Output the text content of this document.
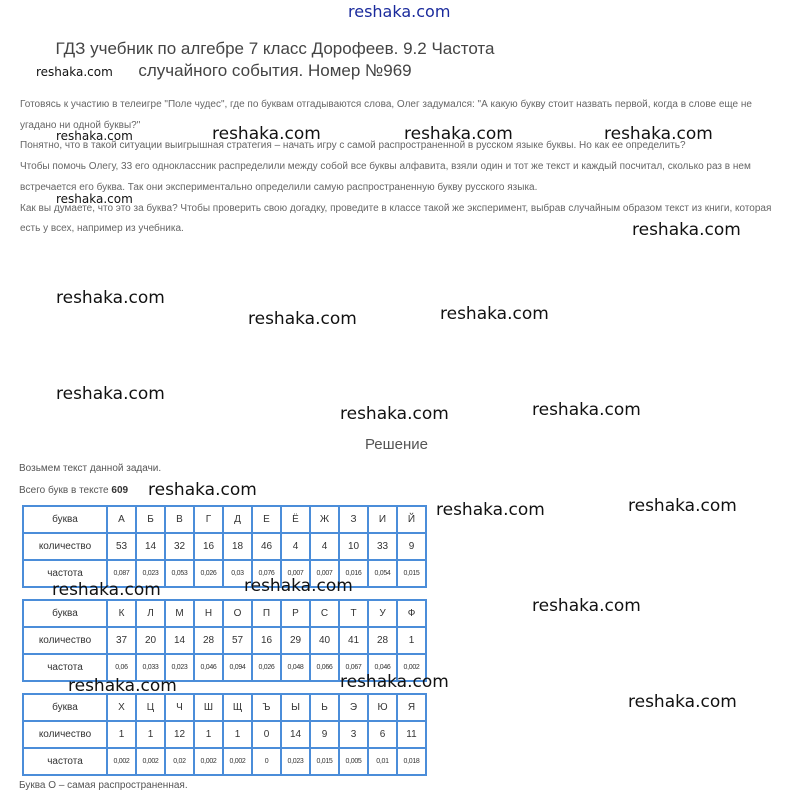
ГДЗ учебник по алгебре 7 класс Дорофеев. 9.2 Частота случайного события. Номер №969

Готовясь к участию в телеигре "Поле чудес", где по буквам отгадываются слова, Олег задумался: "А какую букву стоит назвать первой, когда в слове еще не угадано ни одной буквы?"

Понятно, что в такой ситуации выигрышная стратегия – начать игру с самой распространенной в русском языке буквы. Но как ее определить?

Чтобы помочь Олегу, 33 его одноклассник распределили между собой все буквы алфавита, взяли один и тот же текст и каждый посчитал, сколько раз в нем встречается его буква. Так они экспериментально определили самую распространенную букву русского языка.

Как вы думаете, что это за буква? Чтобы проверить свою догадку, проведите в классе такой же эксперимент, выбрав случайным образом текст из книги, которая есть у всех, например из учебника.

Решение
Возьмем текст данной задачи.
Всего букв в тексте 609
буква	А	Б	В	Г	Д	Е	Ё	Ж	З	И	Й
количество	53	14	32	16	18	46	4	4	10	33	9
частота	0,087	0,023	0,053	0,026	0,03	0,076	0,007	0,007	0,016	0,054	0,015
буква	К	Л	М	Н	О	П	Р	С	Т	У	Ф
количество	37	20	14	28	57	16	29	40	41	28	1
частота	0,06	0,033	0,023	0,046	0,094	0,026	0,048	0,066	0,067	0,046	0,002
буква	Х	Ц	Ч	Ш	Щ	Ъ	Ы	Ь	Э	Ю	Я
количество	1	1	12	1	1	0	14	9	3	6	11
частота	0,002	0,002	0,02	0,002	0,002	0	0,023	0,015	0,005	0,01	0,018
Буква О – самая распространенная.
reshaka.com
reshaka.com
reshaka.com
reshaka.com
reshaka.com	reshaka.com	reshaka.com
reshaka.com
reshaka.com
reshaka.com	reshaka.com
reshaka.com
reshaka.com	reshaka.com
reshaka.com
reshaka.com	reshaka.com
reshaka.com	reshaka.com
reshaka.com
reshaka.com	reshaka.com
reshaka.com
